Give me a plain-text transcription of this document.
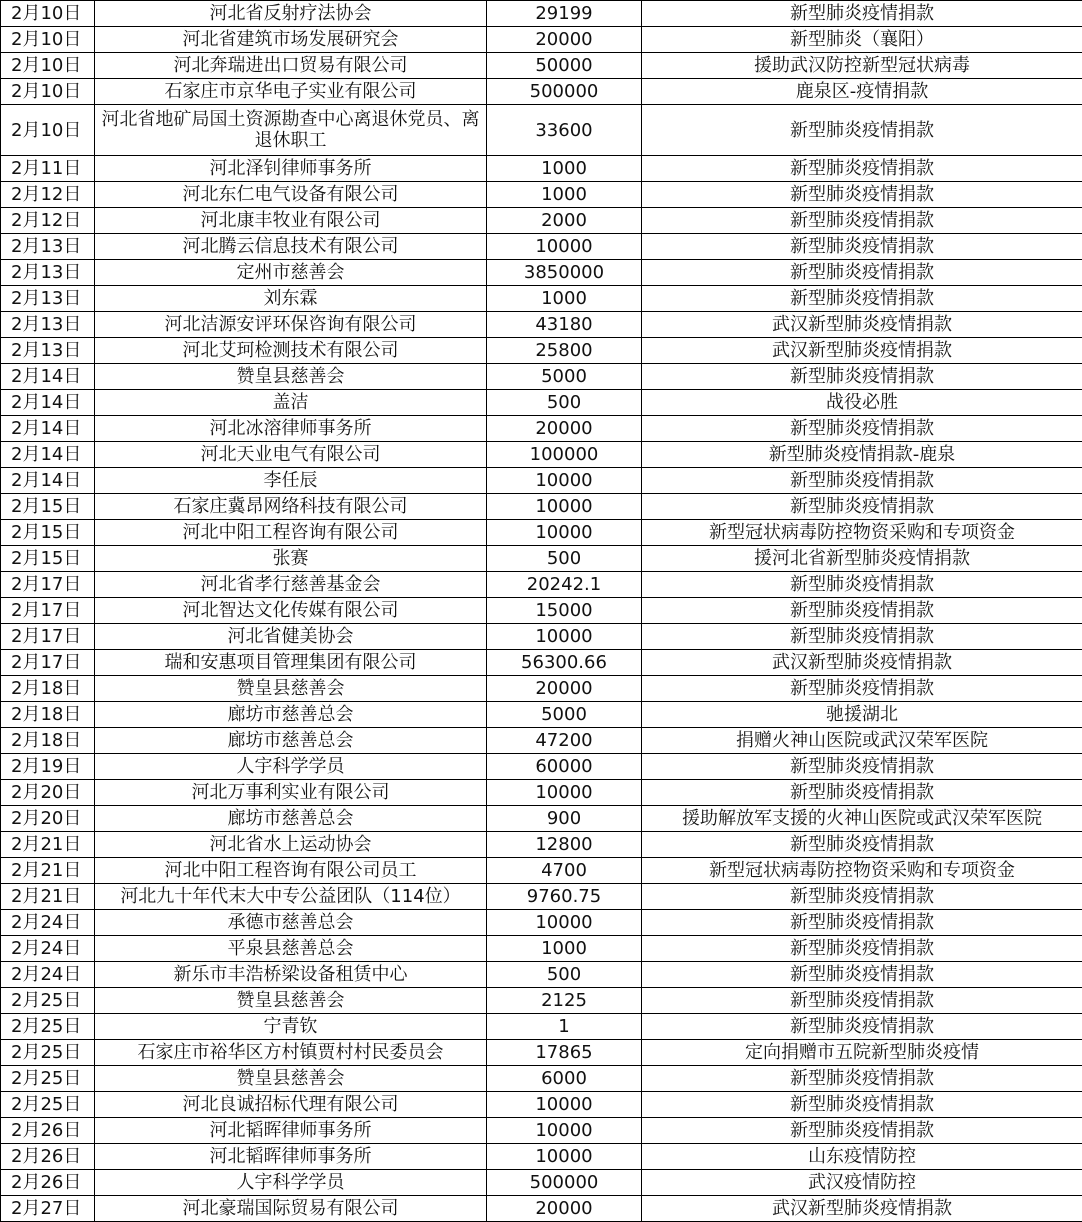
2月10日	河北省反射疗法协会	29199	新型肺炎疫情捐款
2月10日	河北省建筑市场发展研究会	20000	新型肺炎（襄阳）
2月10日	河北奔瑞进出口贸易有限公司	50000	援助武汉防控新型冠状病毒
2月10日	石家庄市京华电子实业有限公司	500000	鹿泉区-疫情捐款
2月10日	河北省地矿局国土资源勘查中心离退休党员、离退休职工	33600	新型肺炎疫情捐款
2月11日	河北泽钊律师事务所	1000	新型肺炎疫情捐款
2月12日	河北东仁电气设备有限公司	1000	新型肺炎疫情捐款
2月12日	河北康丰牧业有限公司	2000	新型肺炎疫情捐款
2月13日	河北腾云信息技术有限公司	10000	新型肺炎疫情捐款
2月13日	定州市慈善会	3850000	新型肺炎疫情捐款
2月13日	刘东霖	1000	新型肺炎疫情捐款
2月13日	河北洁源安评环保咨询有限公司	43180	武汉新型肺炎疫情捐款
2月13日	河北艾珂检测技术有限公司	25800	武汉新型肺炎疫情捐款
2月14日	赞皇县慈善会	5000	新型肺炎疫情捐款
2月14日	盖洁	500	战役必胜
2月14日	河北冰溶律师事务所	20000	新型肺炎疫情捐款
2月14日	河北天业电气有限公司	100000	新型肺炎疫情捐款-鹿泉
2月14日	李任辰	10000	新型肺炎疫情捐款
2月15日	石家庄冀昂网络科技有限公司	10000	新型肺炎疫情捐款
2月15日	河北中阳工程咨询有限公司	10000	新型冠状病毒防控物资采购和专项资金
2月15日	张赛	500	援河北省新型肺炎疫情捐款
2月17日	河北省孝行慈善基金会	20242.1	新型肺炎疫情捐款
2月17日	河北智达文化传媒有限公司	15000	新型肺炎疫情捐款
2月17日	河北省健美协会	10000	新型肺炎疫情捐款
2月17日	瑞和安惠项目管理集团有限公司	56300.66	武汉新型肺炎疫情捐款
2月18日	赞皇县慈善会	20000	新型肺炎疫情捐款
2月18日	廊坊市慈善总会	5000	驰援湖北
2月18日	廊坊市慈善总会	47200	捐赠火神山医院或武汉荣军医院
2月19日	人宇科学学员	60000	新型肺炎疫情捐款
2月20日	河北万事利实业有限公司	10000	新型肺炎疫情捐款
2月20日	廊坊市慈善总会	900	援助解放军支援的火神山医院或武汉荣军医院
2月21日	河北省水上运动协会	12800	新型肺炎疫情捐款
2月21日	河北中阳工程咨询有限公司员工	4700	新型冠状病毒防控物资采购和专项资金
2月21日	河北九十年代末大中专公益团队（114位）	9760.75	新型肺炎疫情捐款
2月24日	承德市慈善总会	10000	新型肺炎疫情捐款
2月24日	平泉县慈善总会	1000	新型肺炎疫情捐款
2月24日	新乐市丰浩桥梁设备租赁中心	500	新型肺炎疫情捐款
2月25日	赞皇县慈善会	2125	新型肺炎疫情捐款
2月25日	宁青钦	1	新型肺炎疫情捐款
2月25日	石家庄市裕华区方村镇贾村村民委员会	17865	定向捐赠市五院新型肺炎疫情
2月25日	赞皇县慈善会	6000	新型肺炎疫情捐款
2月25日	河北良诚招标代理有限公司	10000	新型肺炎疫情捐款
2月26日	河北韬晖律师事务所	10000	新型肺炎疫情捐款
2月26日	河北韬晖律师事务所	10000	山东疫情防控
2月26日	人宇科学学员	500000	武汉疫情防控
2月27日	河北豪瑞国际贸易有限公司	20000	武汉新型肺炎疫情捐款
